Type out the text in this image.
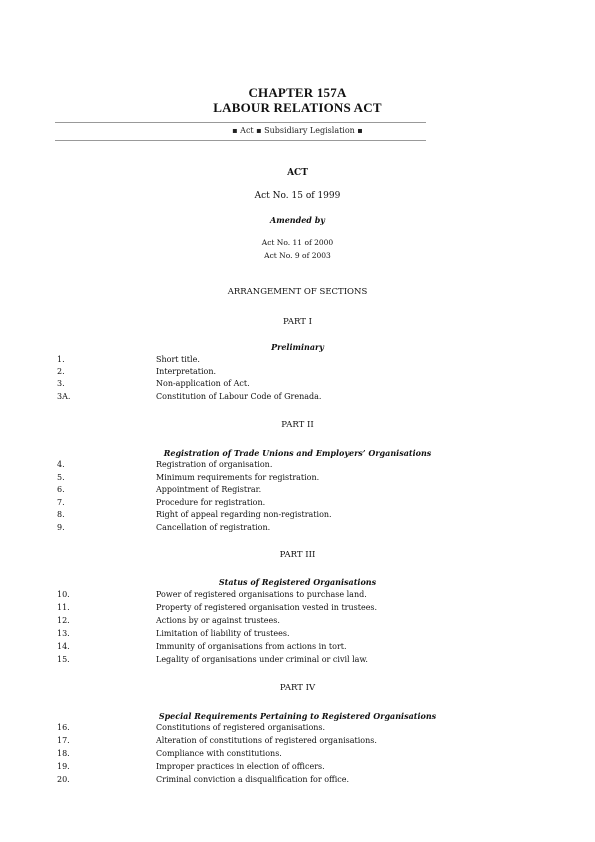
CHAPTER 157A
LABOUR RELATIONS ACT
▪ Act ▪ Subsidiary Legislation ▪
ACT
Act No. 15 of 1999
Amended by
Act No. 11 of 2000
Act No. 9 of 2003
ARRANGEMENT OF SECTIONS
PART I
Preliminary
1.	Short title.
2.	Interpretation.
3.	Non-application of Act.
3A.	Constitution of Labour Code of Grenada.
PART II
Registration of Trade Unions and Employers’ Organisations
4.	Registration of organisation.
5.	Minimum requirements for registration.
6.	Appointment of Registrar.
7.	Procedure for registration.
8.	Right of appeal regarding non-registration.
9.	Cancellation of registration.
PART III
Status of Registered Organisations
10.	Power of registered organisations to purchase land.
11.	Property of registered organisation vested in trustees.
12.	Actions by or against trustees.
13.	Limitation of liability of trustees.
14.	Immunity of organisations from actions in tort.
15.	Legality of organisations under criminal or civil law.
PART IV
Special Requirements Pertaining to Registered Organisations
16.	Constitutions of registered organisations.
17.	Alteration of constitutions of registered organisations.
18.	Compliance with constitutions.
19.	Improper practices in election of officers.
20.	Criminal conviction a disqualification for office.
